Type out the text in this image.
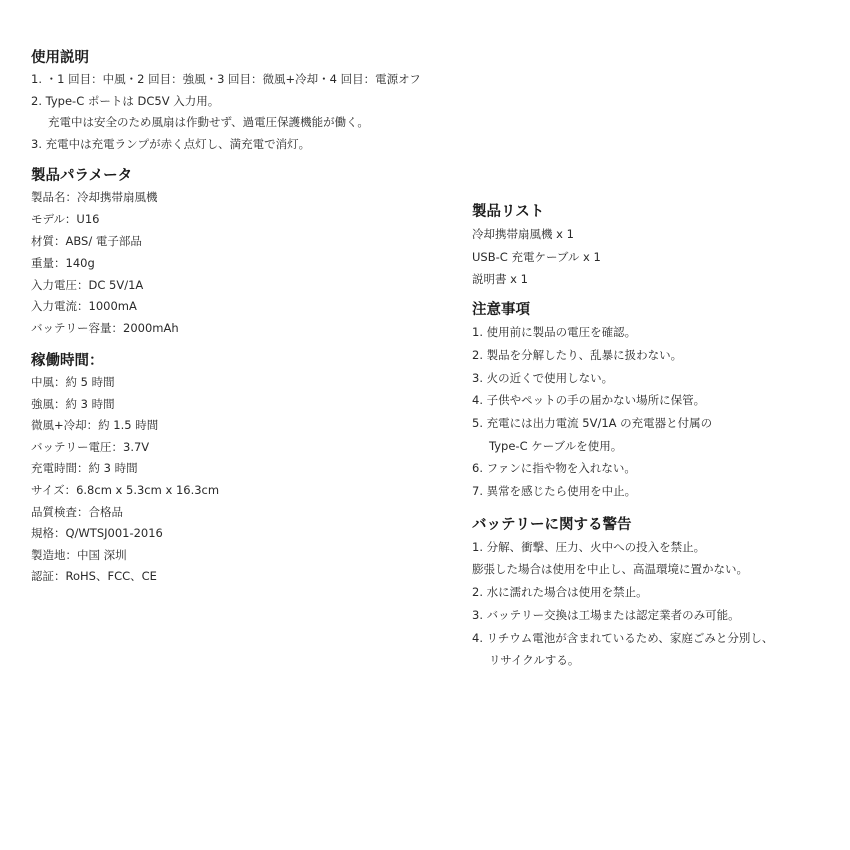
使用説明
1. ・1 回目：中風・2 回目：強風・3 回目：微風+冷却・4 回目：電源オフ
2. Type-C ポートは DC5V 入力用。
充電中は安全のため風扇は作動せず、過電圧保護機能が働く。
3. 充電中は充電ランプが赤く点灯し、満充電で消灯。
製品パラメータ
製品名：冷却携帯扇風機
モデル：U16
材質：ABS/ 電子部品
重量：140g
入力電圧：DC 5V/1A
入力電流：1000mA
バッテリー容量：2000mAh
稼働時間：
中風：約 5 時間
強風：約 3 時間
微風+冷却：約 1.5 時間
バッテリー電圧：3.7V
充電時間：約 3 時間
サイズ：6.8cm x 5.3cm x 16.3cm
品質検査：合格品
規格：Q/WTSJ001-2016
製造地：中国 深圳
認証：RoHS、FCC、CE
製品リスト
冷却携帯扇風機 x 1
USB-C 充電ケーブル x 1
説明書 x 1
注意事項
1. 使用前に製品の電圧を確認。
2. 製品を分解したり、乱暴に扱わない。
3. 火の近くで使用しない。
4. 子供やペットの手の届かない場所に保管。
5. 充電には出力電流 5V/1A の充電器と付属の
Type-C ケーブルを使用。
6. ファンに指や物を入れない。
7. 異常を感じたら使用を中止。
バッテリーに関する警告
1. 分解、衝撃、圧力、火中への投入を禁止。
膨張した場合は使用を中止し、高温環境に置かない。
2. 水に濡れた場合は使用を禁止。
3. バッテリー交換は工場または認定業者のみ可能。
4. リチウム電池が含まれているため、家庭ごみと分別し、
リサイクルする。
